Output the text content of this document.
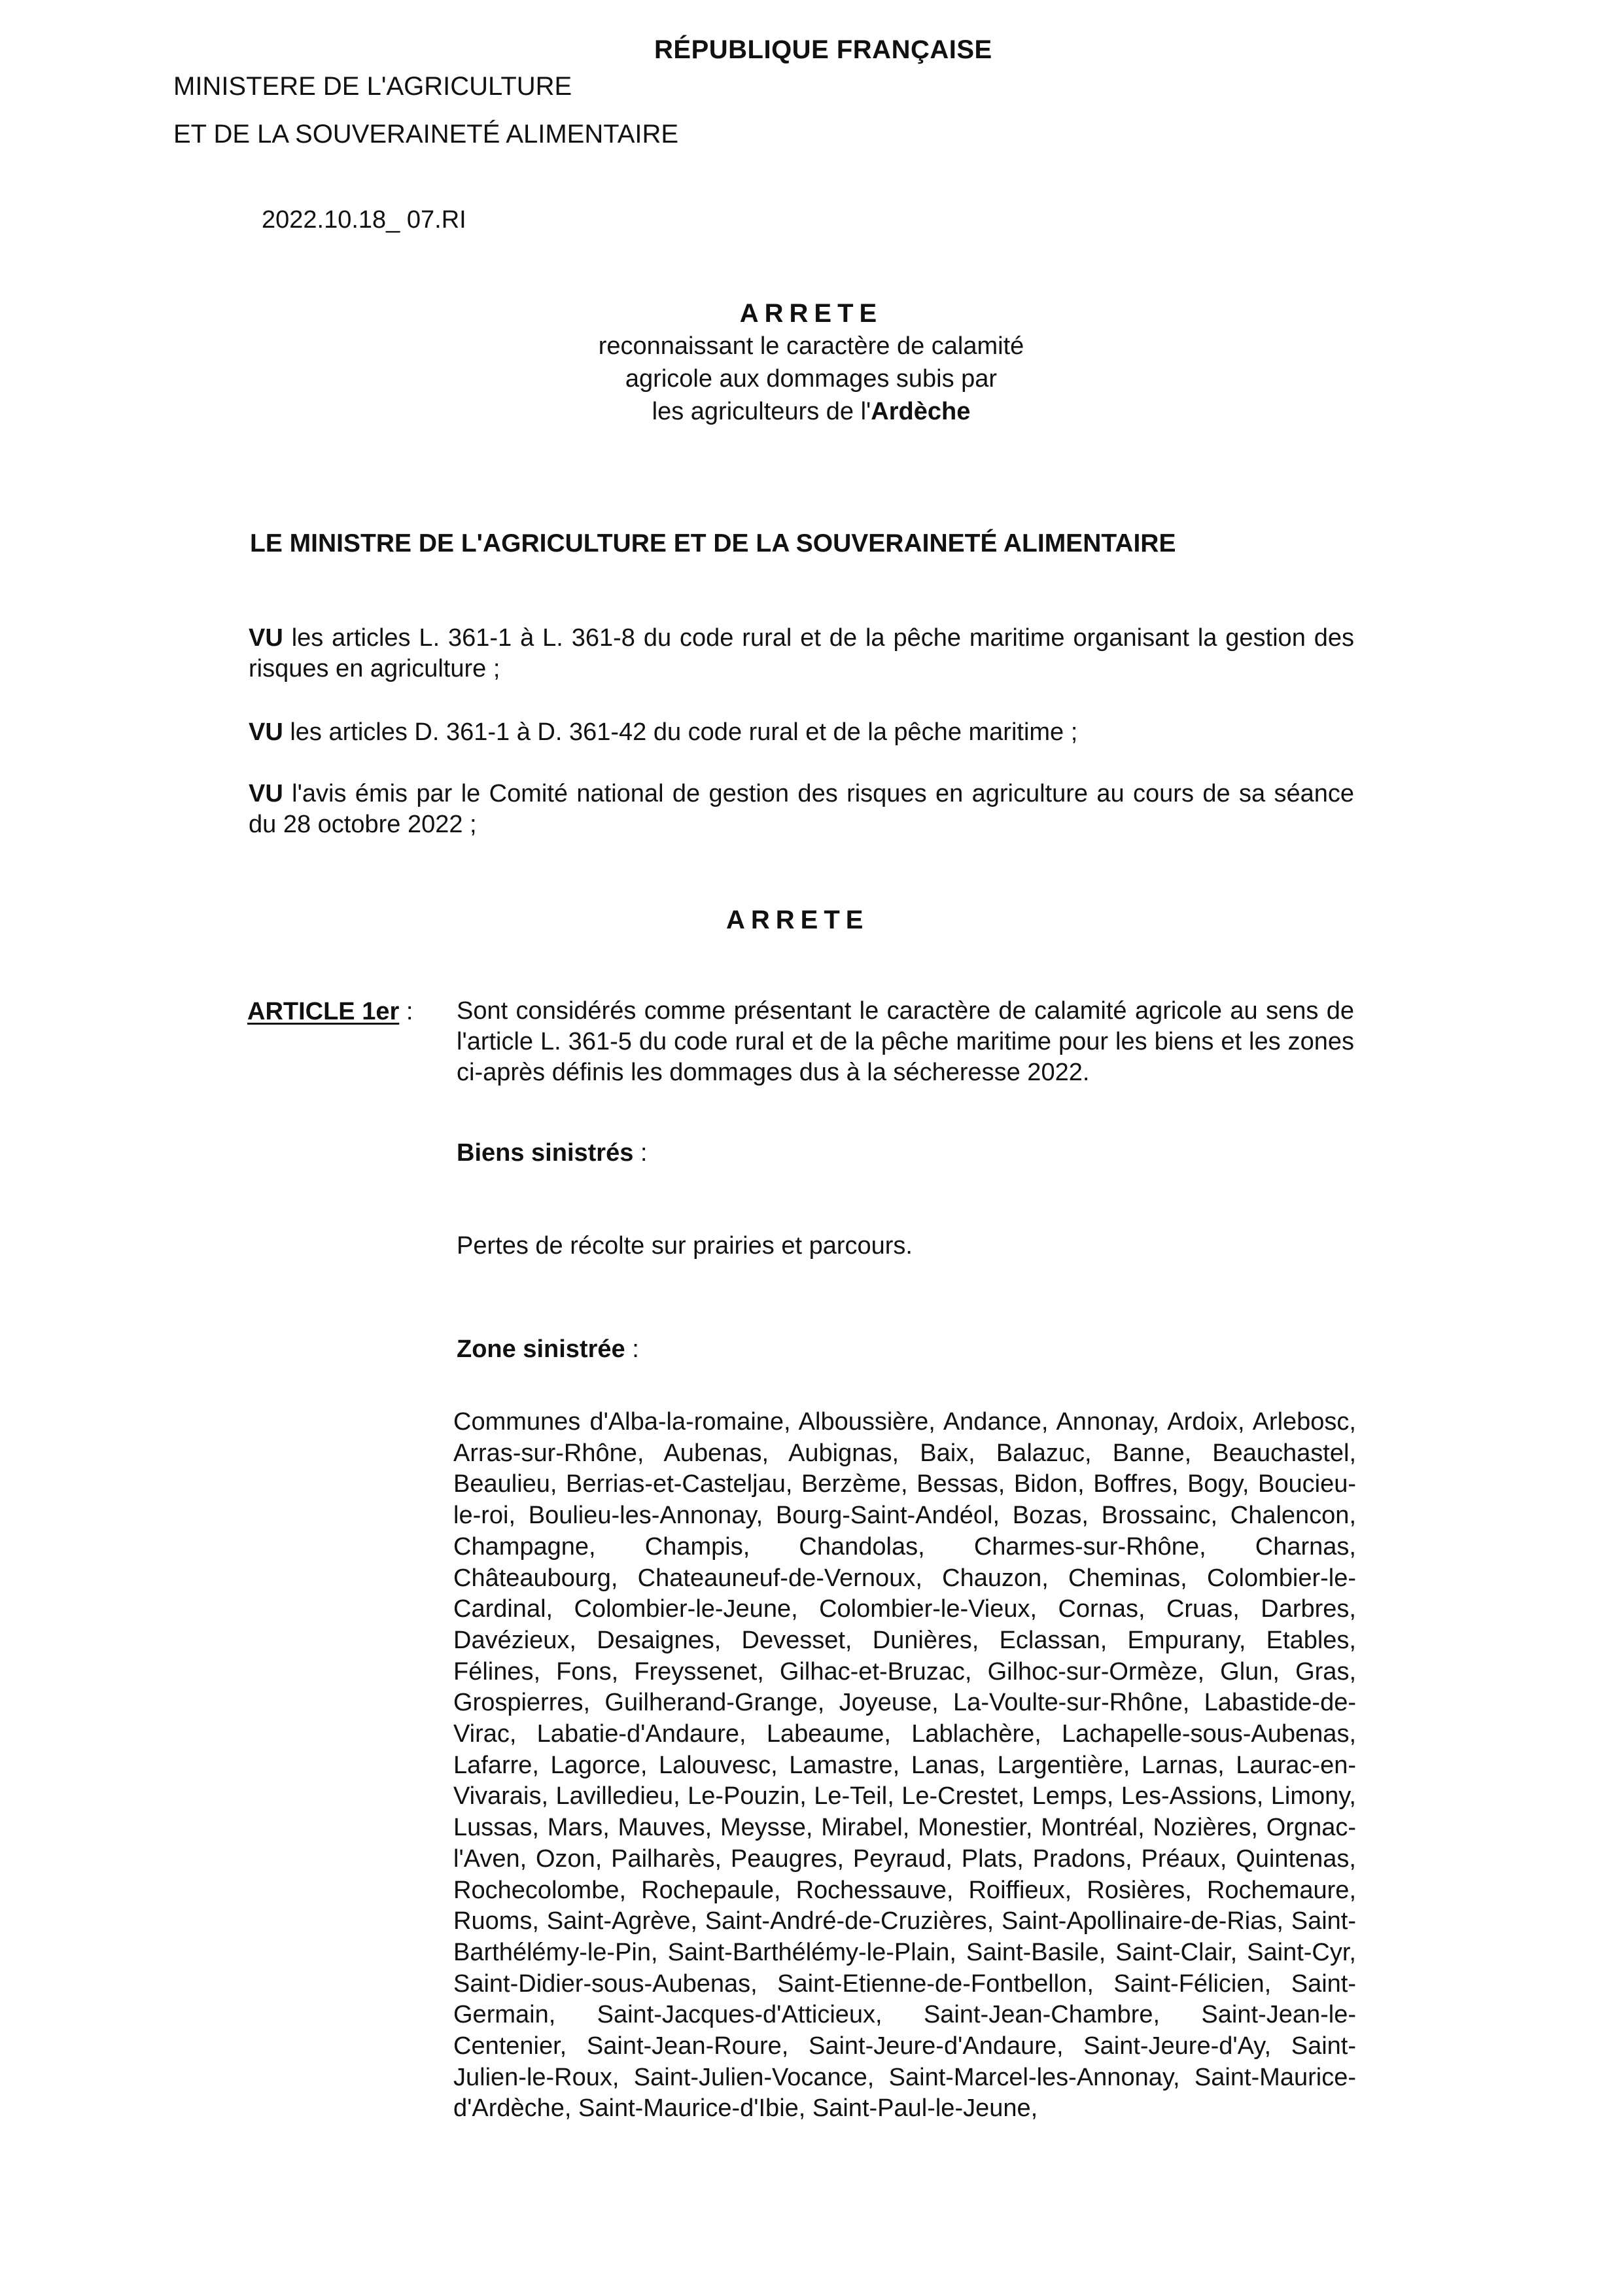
RÉPUBLIQUE FRANÇAISE
MINISTERE DE L'AGRICULTURE
ET DE LA SOUVERAINETÉ ALIMENTAIRE
2022.10.18_ 07.RI
ARRETE
reconnaissant le caractère de calamité
agricole aux dommages subis par
les agriculteurs de l'Ardèche
LE MINISTRE DE L'AGRICULTURE ET DE LA SOUVERAINETÉ ALIMENTAIRE
VU les articles L. 361-1 à L. 361-8 du code rural et de la pêche maritime organisant la gestion des risques en agriculture ;
VU les articles D. 361-1 à D. 361-42 du code rural et de la pêche maritime ;
VU l'avis émis par le Comité national de gestion des risques en agriculture au cours de sa séance du 28 octobre 2022 ;
ARRETE
ARTICLE 1er : Sont considérés comme présentant le caractère de calamité agricole au sens de l'article L. 361-5 du code rural et de la pêche maritime pour les biens et les zones ci-après définis les dommages dus à la sécheresse 2022.
Biens sinistrés :
Pertes de récolte sur prairies et parcours.
Zone sinistrée :
Communes d'Alba-la-romaine, Alboussière, Andance, Annonay, Ardoix, Arlebosc, Arras-sur-Rhône, Aubenas, Aubignas, Baix, Balazuc, Banne, Beauchastel, Beaulieu, Berrias-et-Casteljau, Berzème, Bessas, Bidon, Boffres, Bogy, Boucieu-le-roi, Boulieu-les-Annonay, Bourg-Saint-Andéol, Bozas, Brossainc, Chalencon, Champagne, Champis, Chandolas, Charmes-sur-Rhône, Charnas, Châteaubourg, Chateauneuf-de-Vernoux, Chauzon, Cheminas, Colombier-le-Cardinal, Colombier-le-Jeune, Colombier-le-Vieux, Cornas, Cruas, Darbres, Davézieux, Desaignes, Devesset, Dunières, Eclassan, Empurany, Etables, Félines, Fons, Freyssenet, Gilhac-et-Bruzac, Gilhoc-sur-Ormèze, Glun, Gras, Grospierres, Guilherand-Grange, Joyeuse, La-Voulte-sur-Rhône, Labastide-de-Virac, Labatie-d'Andaure, Labeaume, Lablachère, Lachapelle-sous-Aubenas, Lafarre, Lagorce, Lalouvesc, Lamastre, Lanas, Largentière, Larnas, Laurac-en-Vivarais, Lavilledieu, Le-Pouzin, Le-Teil, Le-Crestet, Lemps, Les-Assions, Limony, Lussas, Mars, Mauves, Meysse, Mirabel, Monestier, Montréal, Nozières, Orgnac-l'Aven, Ozon, Pailharès, Peaugres, Peyraud, Plats, Pradons, Préaux, Quintenas, Rochecolombe, Rochepaule, Rochessauve, Roiffieux, Rosières, Rochemaure, Ruoms, Saint-Agrève, Saint-André-de-Cruzières, Saint-Apollinaire-de-Rias, Saint-Barthélémy-le-Pin, Saint-Barthélémy-le-Plain, Saint-Basile, Saint-Clair, Saint-Cyr, Saint-Didier-sous-Aubenas, Saint-Etienne-de-Fontbellon, Saint-Félicien, Saint-Germain, Saint-Jacques-d'Atticieux, Saint-Jean-Chambre, Saint-Jean-le-Centenier, Saint-Jean-Roure, Saint-Jeure-d'Andaure, Saint-Jeure-d'Ay, Saint-Julien-le-Roux, Saint-Julien-Vocance, Saint-Marcel-les-Annonay, Saint-Maurice-d'Ardèche, Saint-Maurice-d'Ibie, Saint-Paul-le-Jeune,
